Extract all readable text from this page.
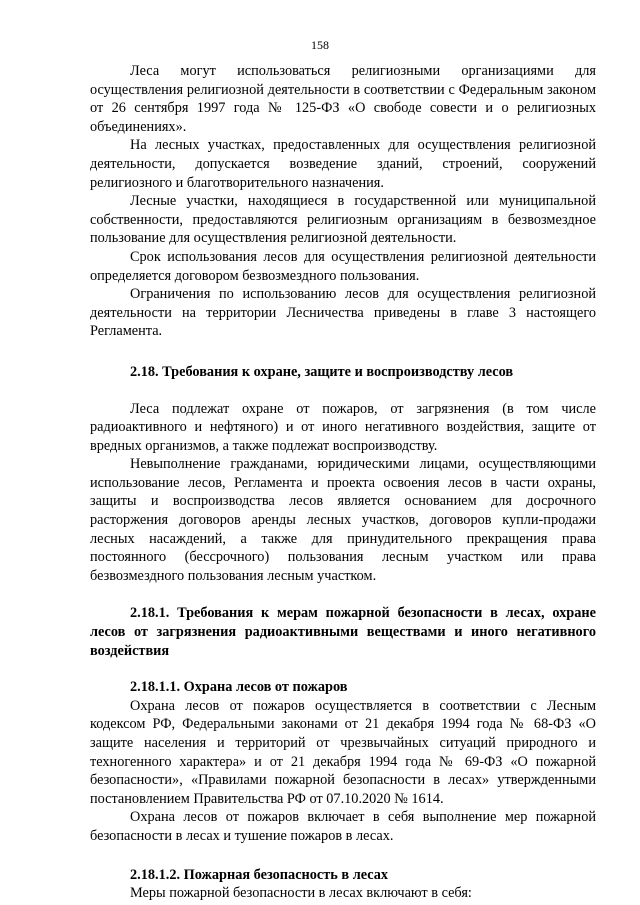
158

Леса могут использоваться религиозными организациями для осуществления религиозной деятельности в соответствии с Федеральным законом от 26 сентября 1997 года № 125-ФЗ «О свободе совести и о религиозных объединениях».

На лесных участках, предоставленных для осуществления религиозной деятельности, допускается возведение зданий, строений, сооружений религиозного и благотворительного назначения.

Лесные участки, находящиеся в государственной или муниципальной собственности, предоставляются религиозным организациям в безвозмездное пользование для осуществления религиозной деятельности.

Срок использования лесов для осуществления религиозной деятельности определяется договором безвозмездного пользования.

Ограничения по использованию лесов для осуществления религиозной деятельности на территории Лесничества приведены в главе 3 настоящего Регламента.

2.18. Требования к охране, защите и воспроизводству лесов

Леса подлежат охране от пожаров, от загрязнения (в том числе радиоактивного и нефтяного) и от иного негативного воздействия, защите от вредных организмов, а также подлежат воспроизводству.

Невыполнение гражданами, юридическими лицами, осуществляющими использование лесов, Регламента и проекта освоения лесов в части охраны, защиты и воспроизводства лесов является основанием для досрочного расторжения договоров аренды лесных участков, договоров купли-продажи лесных насаждений, а также для принудительного прекращения права постоянного (бессрочного) пользования лесным участком или права безвозмездного пользования лесным участком.

2.18.1. Требования к мерам пожарной безопасности в лесах, охране лесов от загрязнения радиоактивными веществами и иного негативного воздействия

2.18.1.1. Охрана лесов от пожаров

Охрана лесов от пожаров осуществляется в соответствии с Лесным кодексом РФ, Федеральными законами от 21 декабря 1994 года № 68-ФЗ «О защите населения и территорий от чрезвычайных ситуаций природного и техногенного характера» и от 21 декабря 1994 года № 69-ФЗ «О пожарной безопасности», «Правилами пожарной безопасности в лесах» утвержденными постановлением Правительства РФ от 07.10.2020 № 1614.

Охрана лесов от пожаров включает в себя выполнение мер пожарной безопасности в лесах и тушение пожаров в лесах.

2.18.1.2. Пожарная безопасность в лесах

Меры пожарной безопасности в лесах включают в себя:
